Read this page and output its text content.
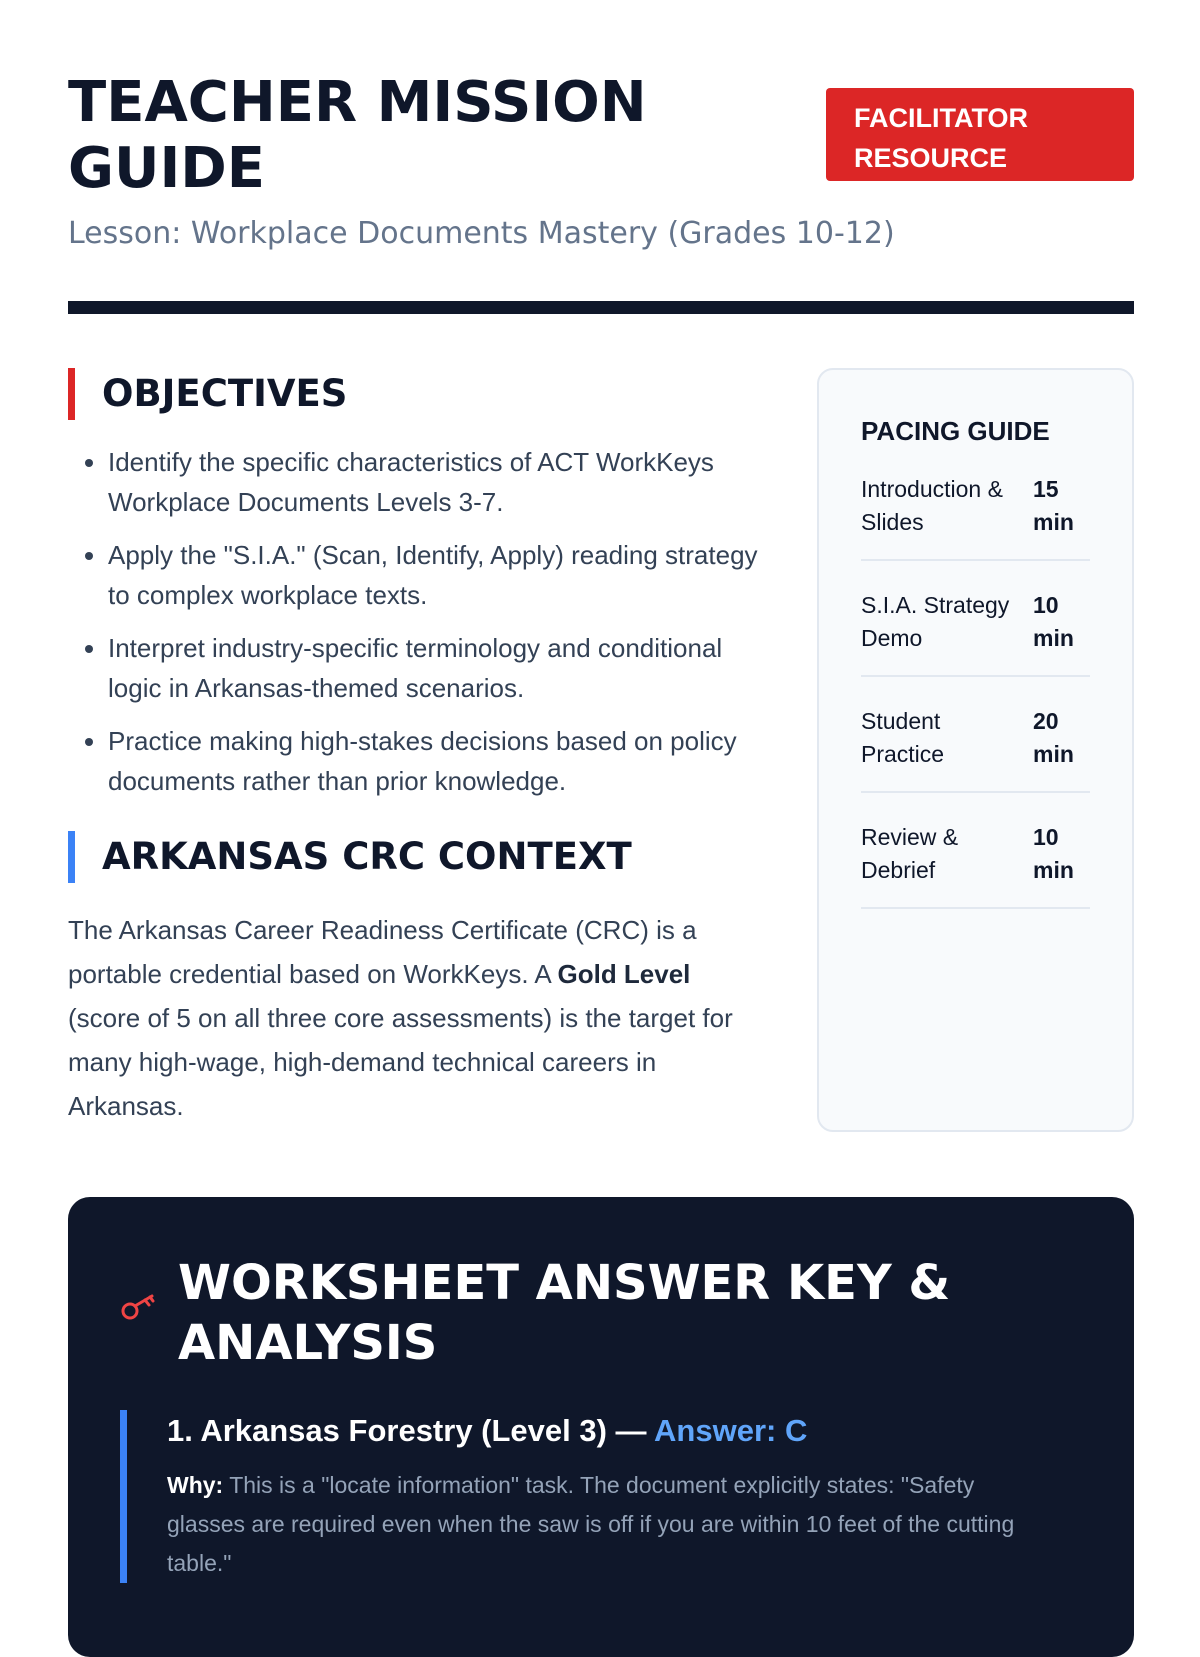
TEACHER MISSION GUIDE
FACILITATOR RESOURCE

Lesson: Workplace Documents Mastery (Grades 10-12)

OBJECTIVES
• Identify the specific characteristics of ACT WorkKeys Workplace Documents Levels 3-7.
• Apply the "S.I.A." (Scan, Identify, Apply) reading strategy to complex workplace texts.
• Interpret industry-specific terminology and conditional logic in Arkansas-themed scenarios.
• Practice making high-stakes decisions based on policy documents rather than prior knowledge.
ARKANSAS CRC CONTEXT

The Arkansas Career Readiness Certificate (CRC) is a portable credential based on WorkKeys. A Gold Level (score of 5 on all three core assessments) is the target for many high-wage, high-demand technical careers in Arkansas.

PACING GUIDE
Introduction & Slides
15 min
S.I.A. Strategy Demo
10 min
Student Practice
20 min
Review & Debrief
10 min
WORKSHEET ANSWER KEY & ANALYSIS

1. Arkansas Forestry (Level 3) — Answer: C

Why: This is a "locate information" task. The document explicitly states: "Safety glasses are required even when the saw is off if you are within 10 feet of the cutting table."
